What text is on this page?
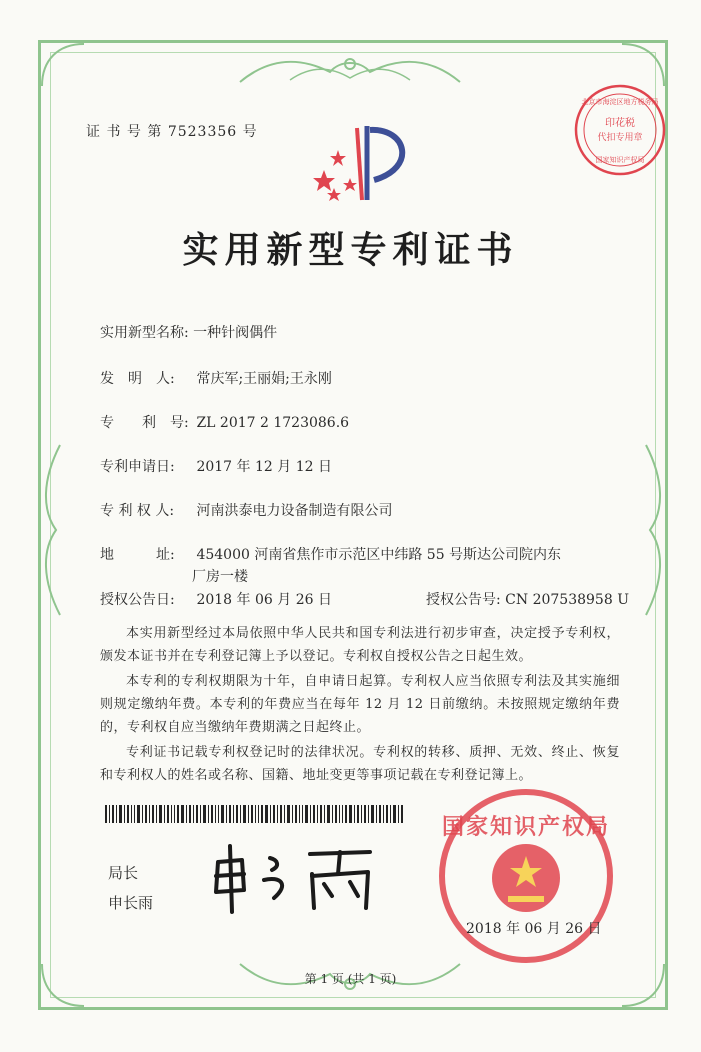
证 书 号 第 7523356 号
实用新型专利证书
实用新型名称: 一种针阀偶件
发　明　人: 常庆军;王丽娟;王永刚
专　　利　号: ZL 2017 2 1723086.6
专利申请日: 2017 年 12 月 12 日
专 利 权 人: 河南洪泰电力设备制造有限公司
地　　　址: 454000 河南省焦作市示范区中纬路 55 号斯达公司院内东
厂房一楼
授权公告日: 2018 年 06 月 26 日	授权公告号: CN 207538958 U

本实用新型经过本局依照中华人民共和国专利法进行初步审查，决定授予专利权，颁发本证书并在专利登记簿上予以登记。专利权自授权公告之日起生效。

本专利的专利权期限为十年，自申请日起算。专利权人应当依照专利法及其实施细则规定缴纳年费。本专利的年费应当在每年 12 月 12 日前缴纳。未按照规定缴纳年费的，专利权自应当缴纳年费期满之日起终止。

专利证书记载专利权登记时的法律状况。专利权的转移、质押、无效、终止、恢复和专利权人的姓名或名称、国籍、地址变更等事项记载在专利登记簿上。

局长
申长雨
印花税
代扣专用章
北京市海淀区地方税务局
国家知识产权局
国家知识产权局
2018 年 06 月 26 日
第 1 页 (共 1 页)
